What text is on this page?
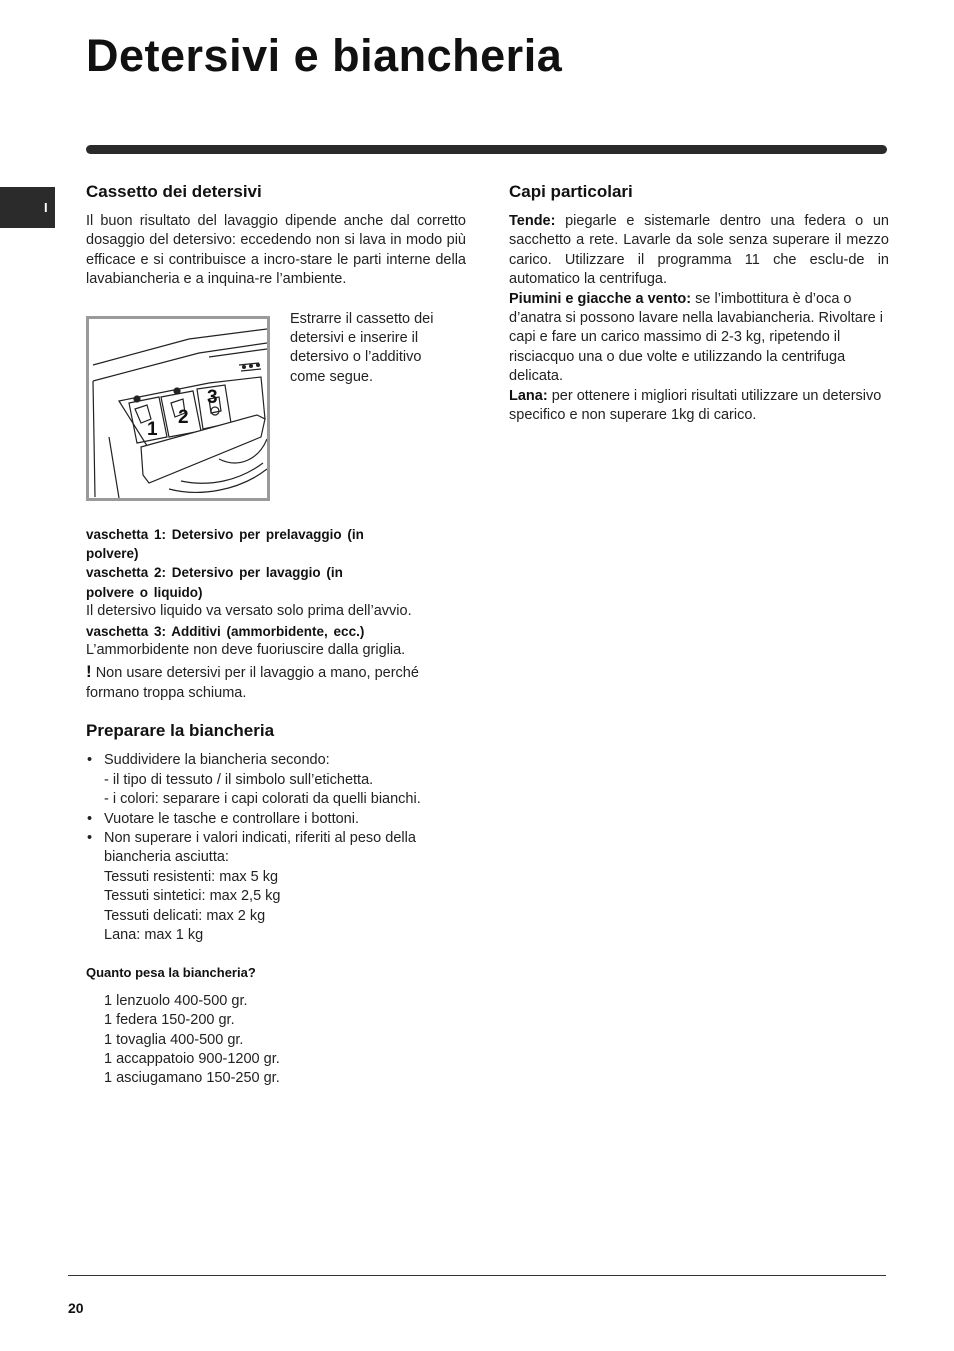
Detersivi e biancheria
I
Cassetto dei detersivi

Il buon risultato del lavaggio dipende anche dal corretto dosaggio del detersivo: eccedendo non si lava in modo più efficace e si contribuisce a incro-stare le parti interne della lavabiancheria e a inquina-re l’ambiente.

1
2
3

Estrarre il cassetto dei detersivi e inserire il detersivo o l’additivo come segue.

vaschetta 1: Detersivo per prelavaggio (in polvere)

vaschetta 2: Detersivo per lavaggio (in polvere o liquido)

Il detersivo liquido va versato solo prima dell’avvio.

vaschetta 3: Additivi (ammorbidente, ecc.)

L’ammorbidente non deve fuoriuscire dalla griglia.

! Non usare detersivi per il lavaggio a mano, perché formano troppa schiuma.

Preparare la biancheria
• Suddividere la biancheria secondo:
- il tipo di tessuto / il simbolo sull’etichetta.
- i colori: separare i capi colorati da quelli bianchi.
• Vuotare le tasche e controllare i bottoni.
• Non superare i valori indicati, riferiti al peso della biancheria asciutta:
Tessuti resistenti: max 5 kg
Tessuti sintetici: max 2,5 kg
Tessuti delicati: max 2 kg
Lana: max 1 kg
Quanto pesa la biancheria?

1 lenzuolo 400-500 gr.

1 federa 150-200 gr.

1 tovaglia 400-500 gr.

1 accappatoio 900-1200 gr.

1 asciugamano 150-250 gr.

Capi particolari

Tende: piegarle e sistemarle dentro una federa o un sacchetto a rete. Lavarle da sole senza superare il mezzo carico. Utilizzare il programma 11 che esclu-de in automatico la centrifuga.

Piumini e giacche a vento: se l’imbottitura è d’oca o d’anatra si possono lavare nella lavabiancheria. Rivoltare i capi e fare un carico massimo di 2-3 kg, ripetendo il risciacquo una o due volte e utilizzando la centrifuga delicata.

Lana: per ottenere i migliori risultati utilizzare un detersivo specifico e non superare 1kg di carico.

20
